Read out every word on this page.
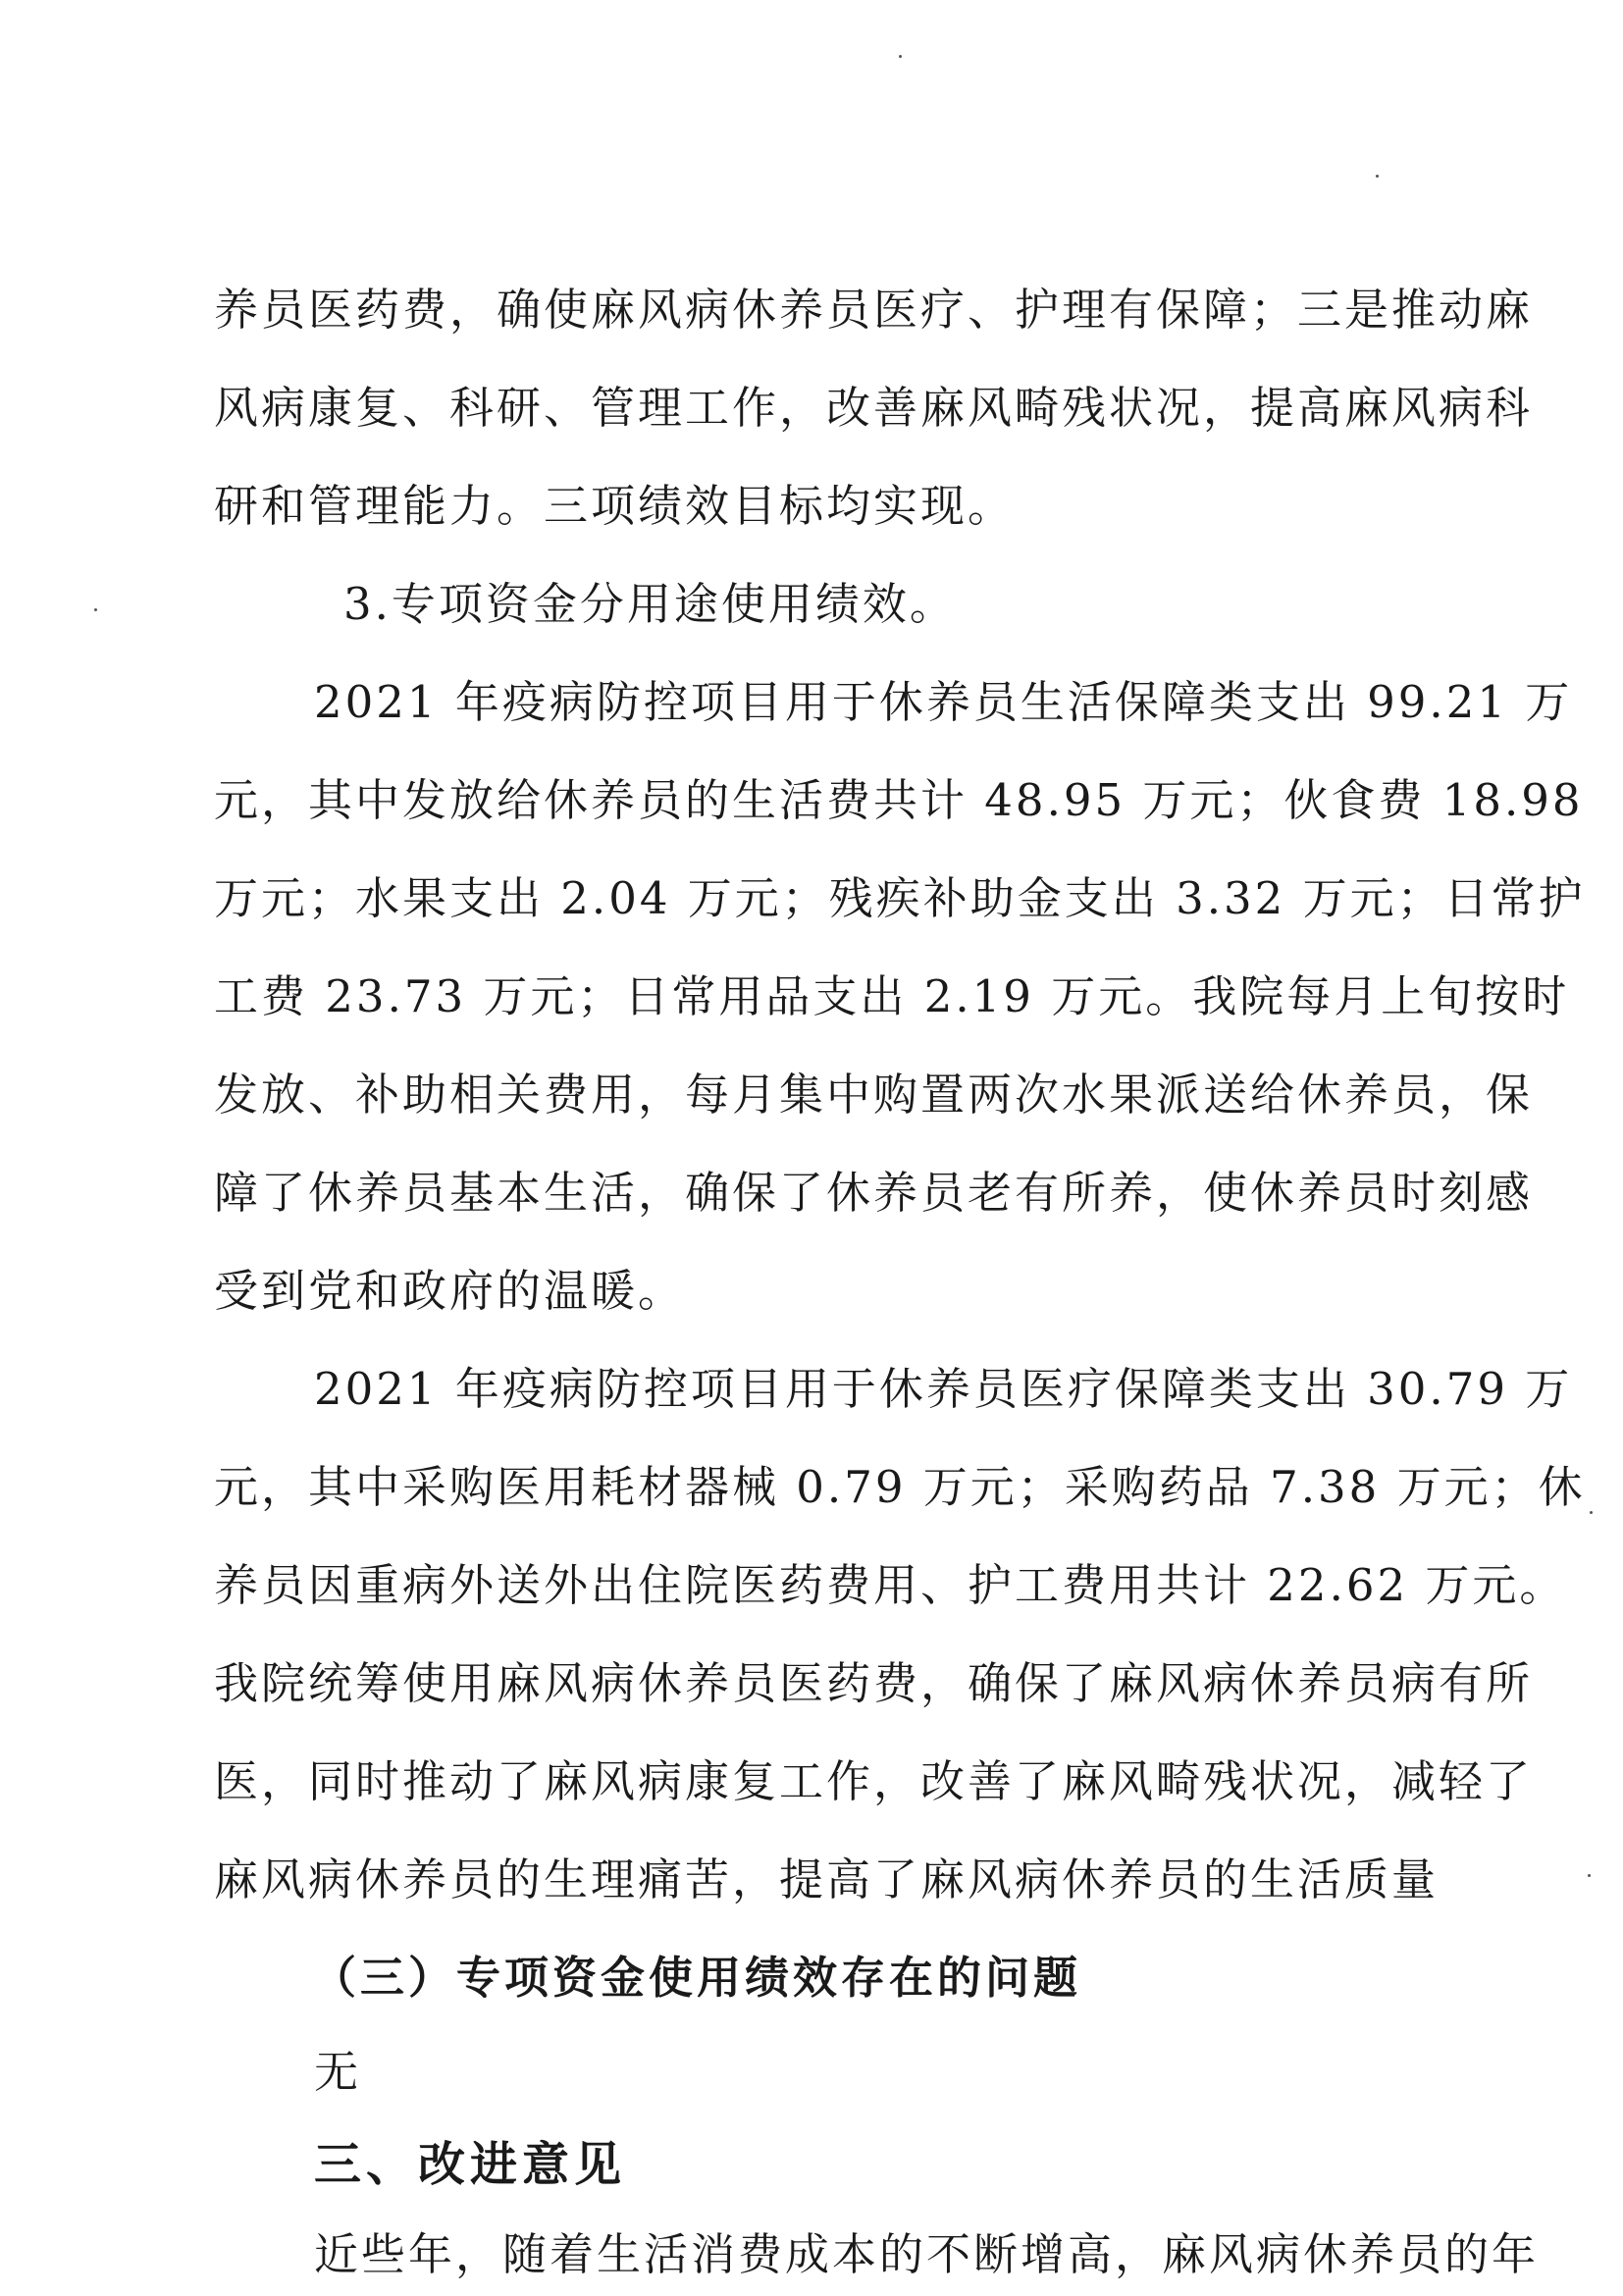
养员医药费，确使麻风病休养员医疗、护理有保障；三是推动麻
风病康复、科研、管理工作，改善麻风畸残状况，提高麻风病科
研和管理能力。三项绩效目标均实现。
3.专项资金分用途使用绩效。
2021 年疫病防控项目用于休养员生活保障类支出 99.21 万
元，其中发放给休养员的生活费共计 48.95 万元；伙食费 18.98
万元；水果支出 2.04 万元；残疾补助金支出 3.32 万元；日常护
工费 23.73 万元；日常用品支出 2.19 万元。我院每月上旬按时
发放、补助相关费用，每月集中购置两次水果派送给休养员，保
障了休养员基本生活，确保了休养员老有所养，使休养员时刻感
受到党和政府的温暖。
2021 年疫病防控项目用于休养员医疗保障类支出 30.79 万
元，其中采购医用耗材器械 0.79 万元；采购药品 7.38 万元；休
养员因重病外送外出住院医药费用、护工费用共计 22.62 万元。
我院统筹使用麻风病休养员医药费，确保了麻风病休养员病有所
医，同时推动了麻风病康复工作，改善了麻风畸残状况，减轻了
麻风病休养员的生理痛苦，提高了麻风病休养员的生活质量
（三）专项资金使用绩效存在的问题
无
三、改进意见
近些年，随着生活消费成本的不断增高，麻风病休养员的年
